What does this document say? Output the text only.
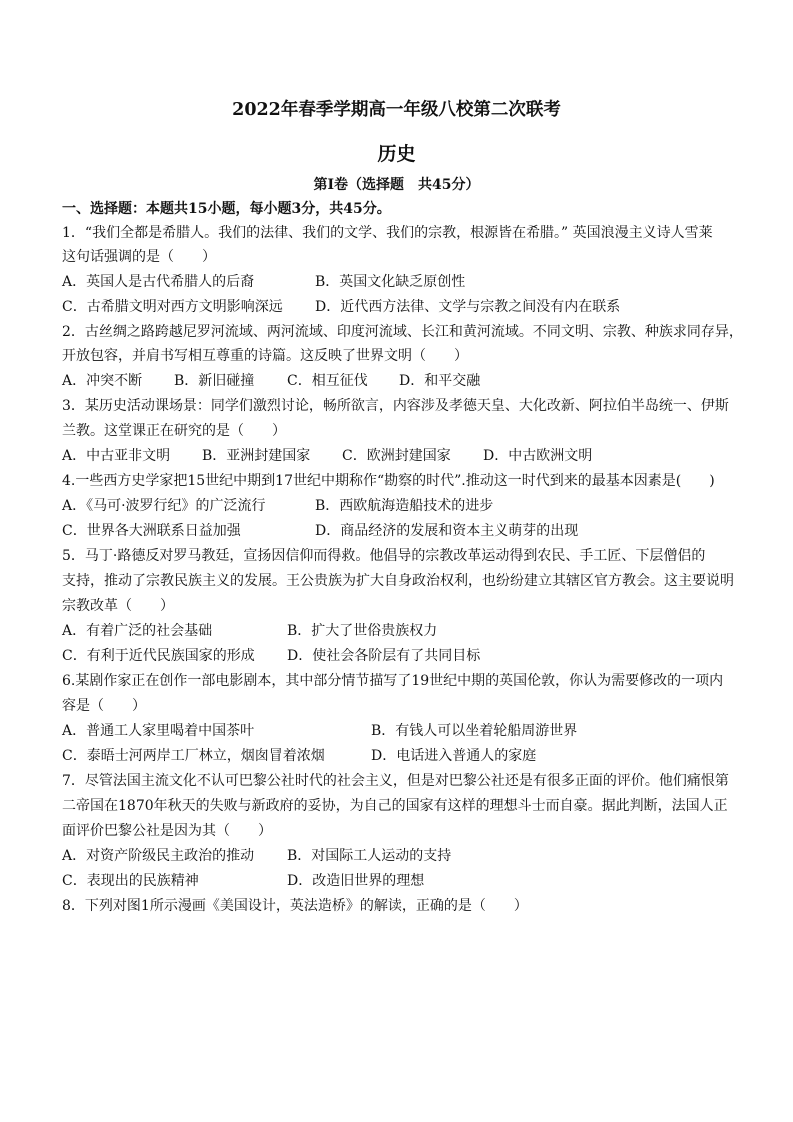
2022年春季学期高一年级八校第二次联考
历史
第Ⅰ卷（选择题　共45分）
一、选择题：本题共15小题，每小题3分，共45分。
1．“我们全都是希腊人。我们的法律、我们的文学、我们的宗教，根源皆在希腊。” 英国浪漫主义诗人雪莱
这句话强调的是（　　）
A．英国人是古代希腊人的后裔	B．英国文化缺乏原创性
C．古希腊文明对西方文明影响深远 D．近代西方法律、文学与宗教之间没有内在联系
2．古丝绸之路跨越尼罗河流域、两河流域、印度河流域、长江和黄河流域。不同文明、宗教、种族求同存异，
开放包容，并肩书写相互尊重的诗篇。这反映了世界文明（　　）
A．冲突不断 B．新旧碰撞 C．相互征伐 D．和平交融
3．某历史活动课场景：同学们激烈讨论，畅所欲言，内容涉及孝德天皇、大化改新、阿拉伯半岛统一、伊斯
兰教。这堂课正在研究的是（　　）
A．中古亚非文明 B．亚洲封建国家 C．欧洲封建国家 D．中古欧洲文明
4.一些西方史学家把15世纪中期到17世纪中期称作“勘察的时代”.推动这一时代到来的最基本因素是(　　)
A．《马可·波罗行纪》的广泛流行	B．西欧航海造船技术的进步
C．世界各大洲联系日益加强	D．商品经济的发展和资本主义萌芽的出现
5．马丁·路德反对罗马教廷，宣扬因信仰而得救。他倡导的宗教改革运动得到农民、手工匠、下层僧侣的
支持，推动了宗教民族主义的发展。王公贵族为扩大自身政治权利，也纷纷建立其辖区官方教会。这主要说明
宗教改革（　　）
A．有着广泛的社会基础	B．扩大了世俗贵族权力
C．有利于近代民族国家的形成 D．使社会各阶层有了共同目标
6.某剧作家正在创作一部电影剧本，其中部分情节描写了19世纪中期的英国伦敦，你认为需要修改的一项内
容是（　　）
A．普通工人家里喝着中国茶叶	B．有钱人可以坐着轮船周游世界
C．泰晤士河两岸工厂林立，烟囱冒着浓烟	D．电话进入普通人的家庭
7．尽管法国主流文化不认可巴黎公社时代的社会主义，但是对巴黎公社还是有很多正面的评价。他们痛恨第
二帝国在1870年秋天的失败与新政府的妥协，为自己的国家有这样的理想斗士而自豪。据此判断，法国人正
面评价巴黎公社是因为其（　　）
A．对资产阶级民主政治的推动 B．对国际工人运动的支持
C．表现出的民族精神	D．改造旧世界的理想
8．下列对图1所示漫画《美国设计，英法造桥》的解读，正确的是（　　）
